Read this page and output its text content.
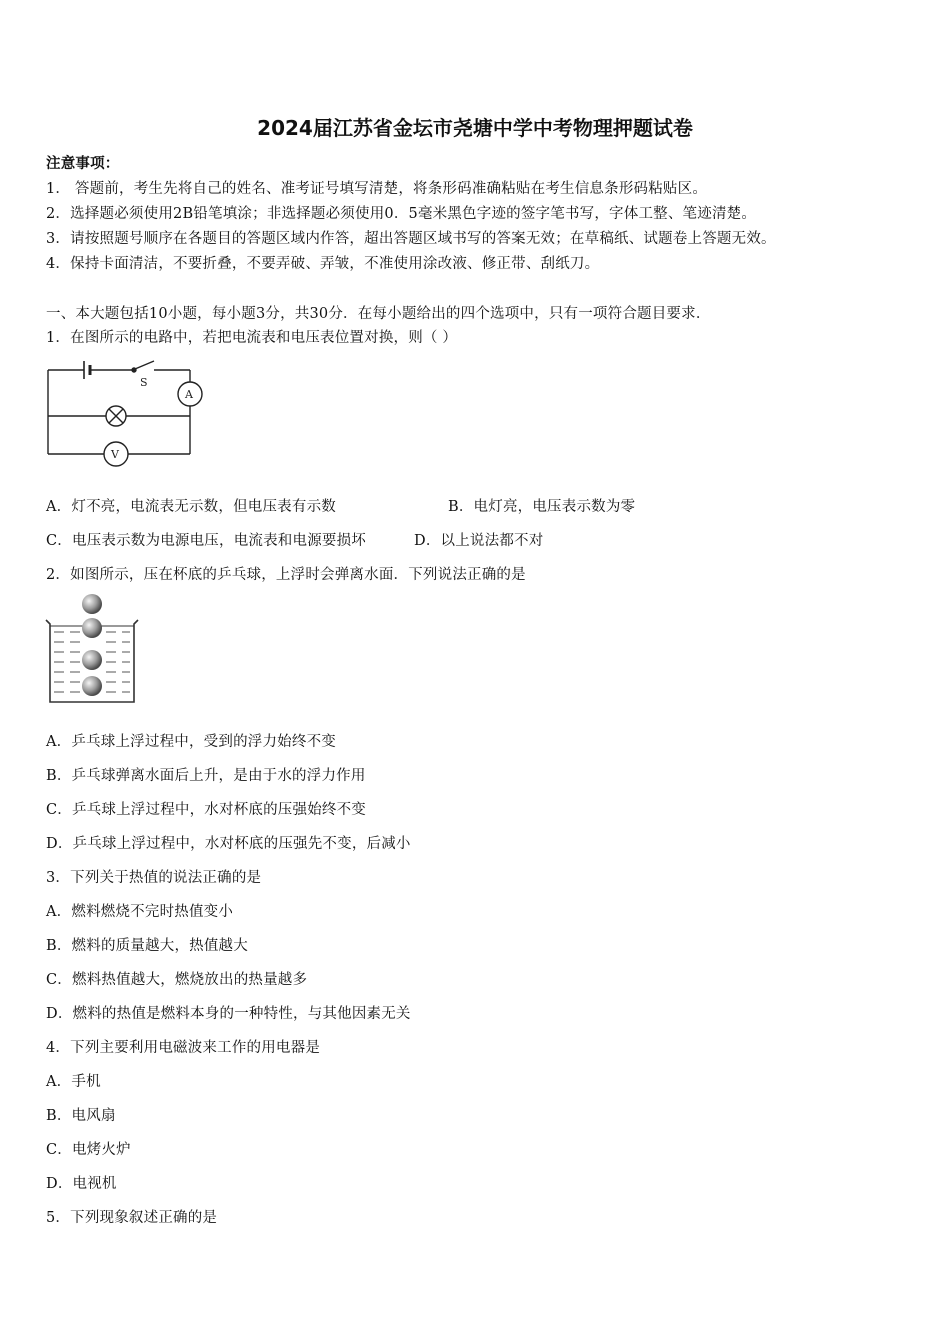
2024届江苏省金坛市尧塘中学中考物理押题试卷
注意事项：
1． 答题前，考生先将自己的姓名、准考证号填写清楚，将条形码准确粘贴在考生信息条形码粘贴区。
2．选择题必须使用2B铅笔填涂；非选择题必须使用0．5毫米黑色字迹的签字笔书写，字体工整、笔迹清楚。
3．请按照题号顺序在各题目的答题区域内作答，超出答题区域书写的答案无效；在草稿纸、试题卷上答题无效。
4．保持卡面清洁，不要折叠，不要弄破、弄皱，不准使用涂改液、修正带、刮纸刀。
一、本大题包括10小题，每小题3分，共30分．在每小题给出的四个选项中，只有一项符合题目要求．
1．在图所示的电路中，若把电流表和电压表位置对换，则（ ）
S
A
V
A．灯不亮，电流表无示数，但电压表有示数	B．电灯亮，电压表示数为零
C．电压表示数为电源电压，电流表和电源要损坏	D．以上说法都不对
2．如图所示，压在杯底的乒乓球，上浮时会弹离水面．下列说法正确的是
A．乒乓球上浮过程中，受到的浮力始终不变
B．乒乓球弹离水面后上升，是由于水的浮力作用
C．乒乓球上浮过程中，水对杯底的压强始终不变
D．乒乓球上浮过程中，水对杯底的压强先不变，后减小
3．下列关于热值的说法正确的是
A．燃料燃烧不完时热值变小
B．燃料的质量越大，热值越大
C．燃料热值越大，燃烧放出的热量越多
D．燃料的热值是燃料本身的一种特性，与其他因素无关
4．下列主要利用电磁波来工作的用电器是
A．手机
B．电风扇
C．电烤火炉
D．电视机
5．下列现象叙述正确的是
